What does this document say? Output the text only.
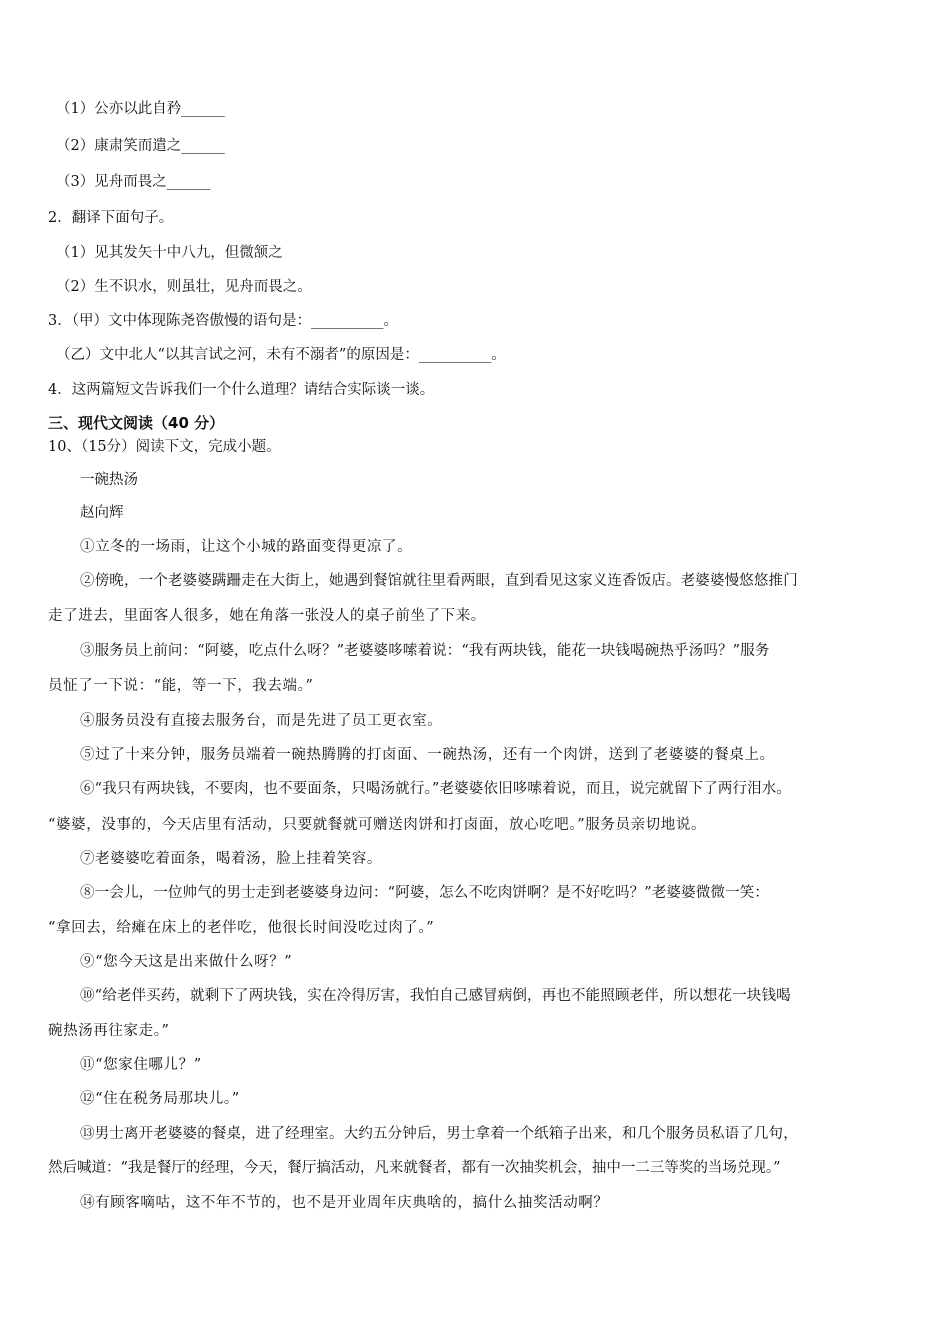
（1）公亦以此自矜______
（2）康肃笑而遣之______
（3）见舟而畏之______
2．翻译下面句子。
（1）见其发矢十中八九，但微颔之
（2）生不识水，则虽壮，见舟而畏之。
3．（甲）文中体现陈尧咨傲慢的语句是：__________。
（乙）文中北人“以其言试之河，未有不溺者”的原因是：__________。
4．这两篇短文告诉我们一个什么道理？请结合实际谈一谈。
三、现代文阅读（40 分）
10、（15分）阅读下文，完成小题。
一碗热汤
赵向辉
①立冬的一场雨，让这个小城的路面变得更凉了。
②傍晚，一个老婆婆蹒跚走在大街上，她遇到餐馆就往里看两眼，直到看见这家义连香饭店。老婆婆慢悠悠推门
走了进去，里面客人很多，她在角落一张没人的桌子前坐了下来。
③服务员上前问：“阿婆，吃点什么呀？”老婆婆哆嗦着说：“我有两块钱，能花一块钱喝碗热乎汤吗？”服务
员怔了一下说：“能，等一下，我去端。”
④服务员没有直接去服务台，而是先进了员工更衣室。
⑤过了十来分钟，服务员端着一碗热腾腾的打卤面、一碗热汤，还有一个肉饼，送到了老婆婆的餐桌上。
⑥“我只有两块钱，不要肉，也不要面条，只喝汤就行。”老婆婆依旧哆嗦着说，而且，说完就留下了两行泪水。
“婆婆，没事的，今天店里有活动，只要就餐就可赠送肉饼和打卤面，放心吃吧。”服务员亲切地说。
⑦老婆婆吃着面条，喝着汤，脸上挂着笑容。
⑧一会儿，一位帅气的男士走到老婆婆身边问：“阿婆，怎么不吃肉饼啊？是不好吃吗？”老婆婆微微一笑：
“拿回去，给瘫在床上的老伴吃，他很长时间没吃过肉了。”
⑨“您今天这是出来做什么呀？”
⑩“给老伴买药，就剩下了两块钱，实在冷得厉害，我怕自己感冒病倒，再也不能照顾老伴，所以想花一块钱喝
碗热汤再往家走。”
⑪“您家住哪儿？”
⑫“住在税务局那块儿。”
⑬男士离开老婆婆的餐桌，进了经理室。大约五分钟后，男士拿着一个纸箱子出来，和几个服务员私语了几句，
然后喊道：“我是餐厅的经理，今天，餐厅搞活动，凡来就餐者，都有一次抽奖机会，抽中一二三等奖的当场兑现。”
⑭有顾客嘀咕，这不年不节的，也不是开业周年庆典啥的，搞什么抽奖活动啊？
